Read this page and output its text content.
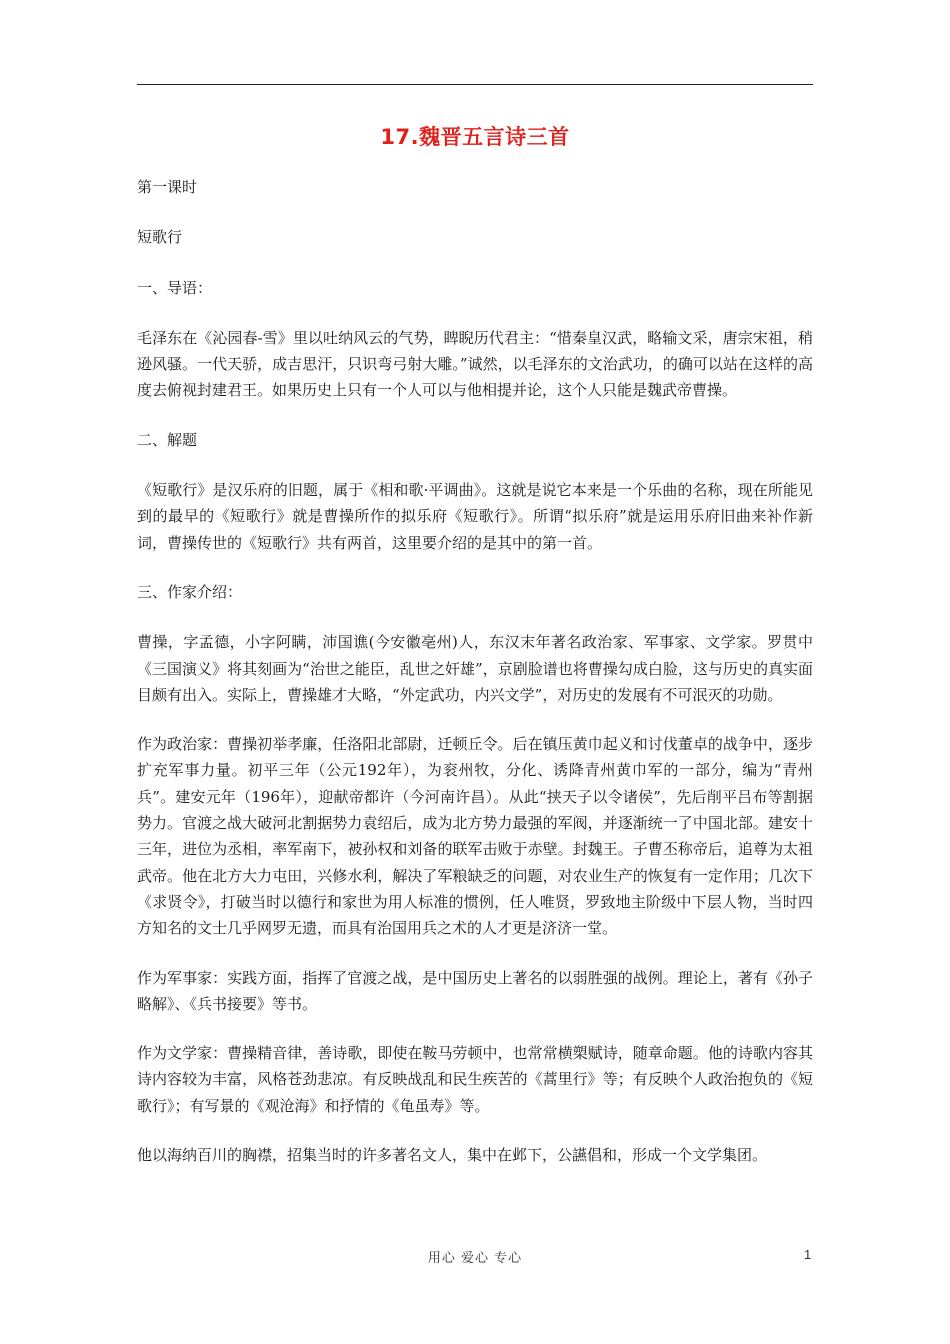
17.魏晋五言诗三首

第一课时

短歌行

一、导语：

毛泽东在《沁园春-雪》里以吐纳风云的气势，睥睨历代君主：“惜秦皇汉武，略输文采，唐宗宋祖，稍逊风骚。一代天骄，成吉思汗，只识弯弓射大雕。”诚然，以毛泽东的文治武功，的确可以站在这样的高度去俯视封建君王。如果历史上只有一个人可以与他相提并论，这个人只能是魏武帝曹操。

二、解题

《短歌行》是汉乐府的旧题，属于《相和歌·平调曲》。这就是说它本来是一个乐曲的名称，现在所能见到的最早的《短歌行》就是曹操所作的拟乐府《短歌行》。所谓“拟乐府”就是运用乐府旧曲来补作新词，曹操传世的《短歌行》共有两首，这里要介绍的是其中的第一首。

三、作家介绍：

曹操，字孟德，小字阿瞒，沛国谯(今安徽亳州)人，东汉末年著名政治家、军事家、文学家。罗贯中《三国演义》将其刻画为“治世之能臣，乱世之奸雄”，京剧脸谱也将曹操勾成白脸，这与历史的真实面目颇有出入。实际上，曹操雄才大略，“外定武功，内兴文学”，对历史的发展有不可泯灭的功勋。

作为政治家：曹操初举孝廉，任洛阳北部尉，迁顿丘令。后在镇压黄巾起义和讨伐董卓的战争中，逐步扩充军事力量。初平三年（公元192年），为衮州牧，分化、诱降青州黄巾军的一部分，编为“青州兵”。建安元年（196年），迎献帝都许（今河南许昌）。从此“挟天子以令诸侯”，先后削平吕布等割据势力。官渡之战大破河北割据势力袁绍后，成为北方势力最强的军阀，并逐渐统一了中国北部。建安十三年，进位为丞相，率军南下，被孙权和刘备的联军击败于赤壁。封魏王。子曹丕称帝后，追尊为太祖武帝。他在北方大力屯田，兴修水利，解决了军粮缺乏的问题，对农业生产的恢复有一定作用；几次下《求贤令》，打破当时以德行和家世为用人标准的惯例，任人唯贤，罗致地主阶级中下层人物，当时四方知名的文士几乎网罗无遗，而具有治国用兵之术的人才更是济济一堂。

作为军事家：实践方面，指挥了官渡之战，是中国历史上著名的以弱胜强的战例。理论上，著有《孙子略解》、《兵书接要》等书。

作为文学家：曹操精音律，善诗歌，即使在鞍马劳顿中，也常常横槊赋诗，随章命题。他的诗歌内容其诗内容较为丰富，风格苍劲悲凉。有反映战乱和民生疾苦的《蒿里行》等；有反映个人政治抱负的《短歌行》；有写景的《观沧海》和抒情的《龟虽寿》等。

他以海纳百川的胸襟，招集当时的许多著名文人，集中在邺下，公讌倡和，形成一个文学集团。

用心 爱心 专心	1
